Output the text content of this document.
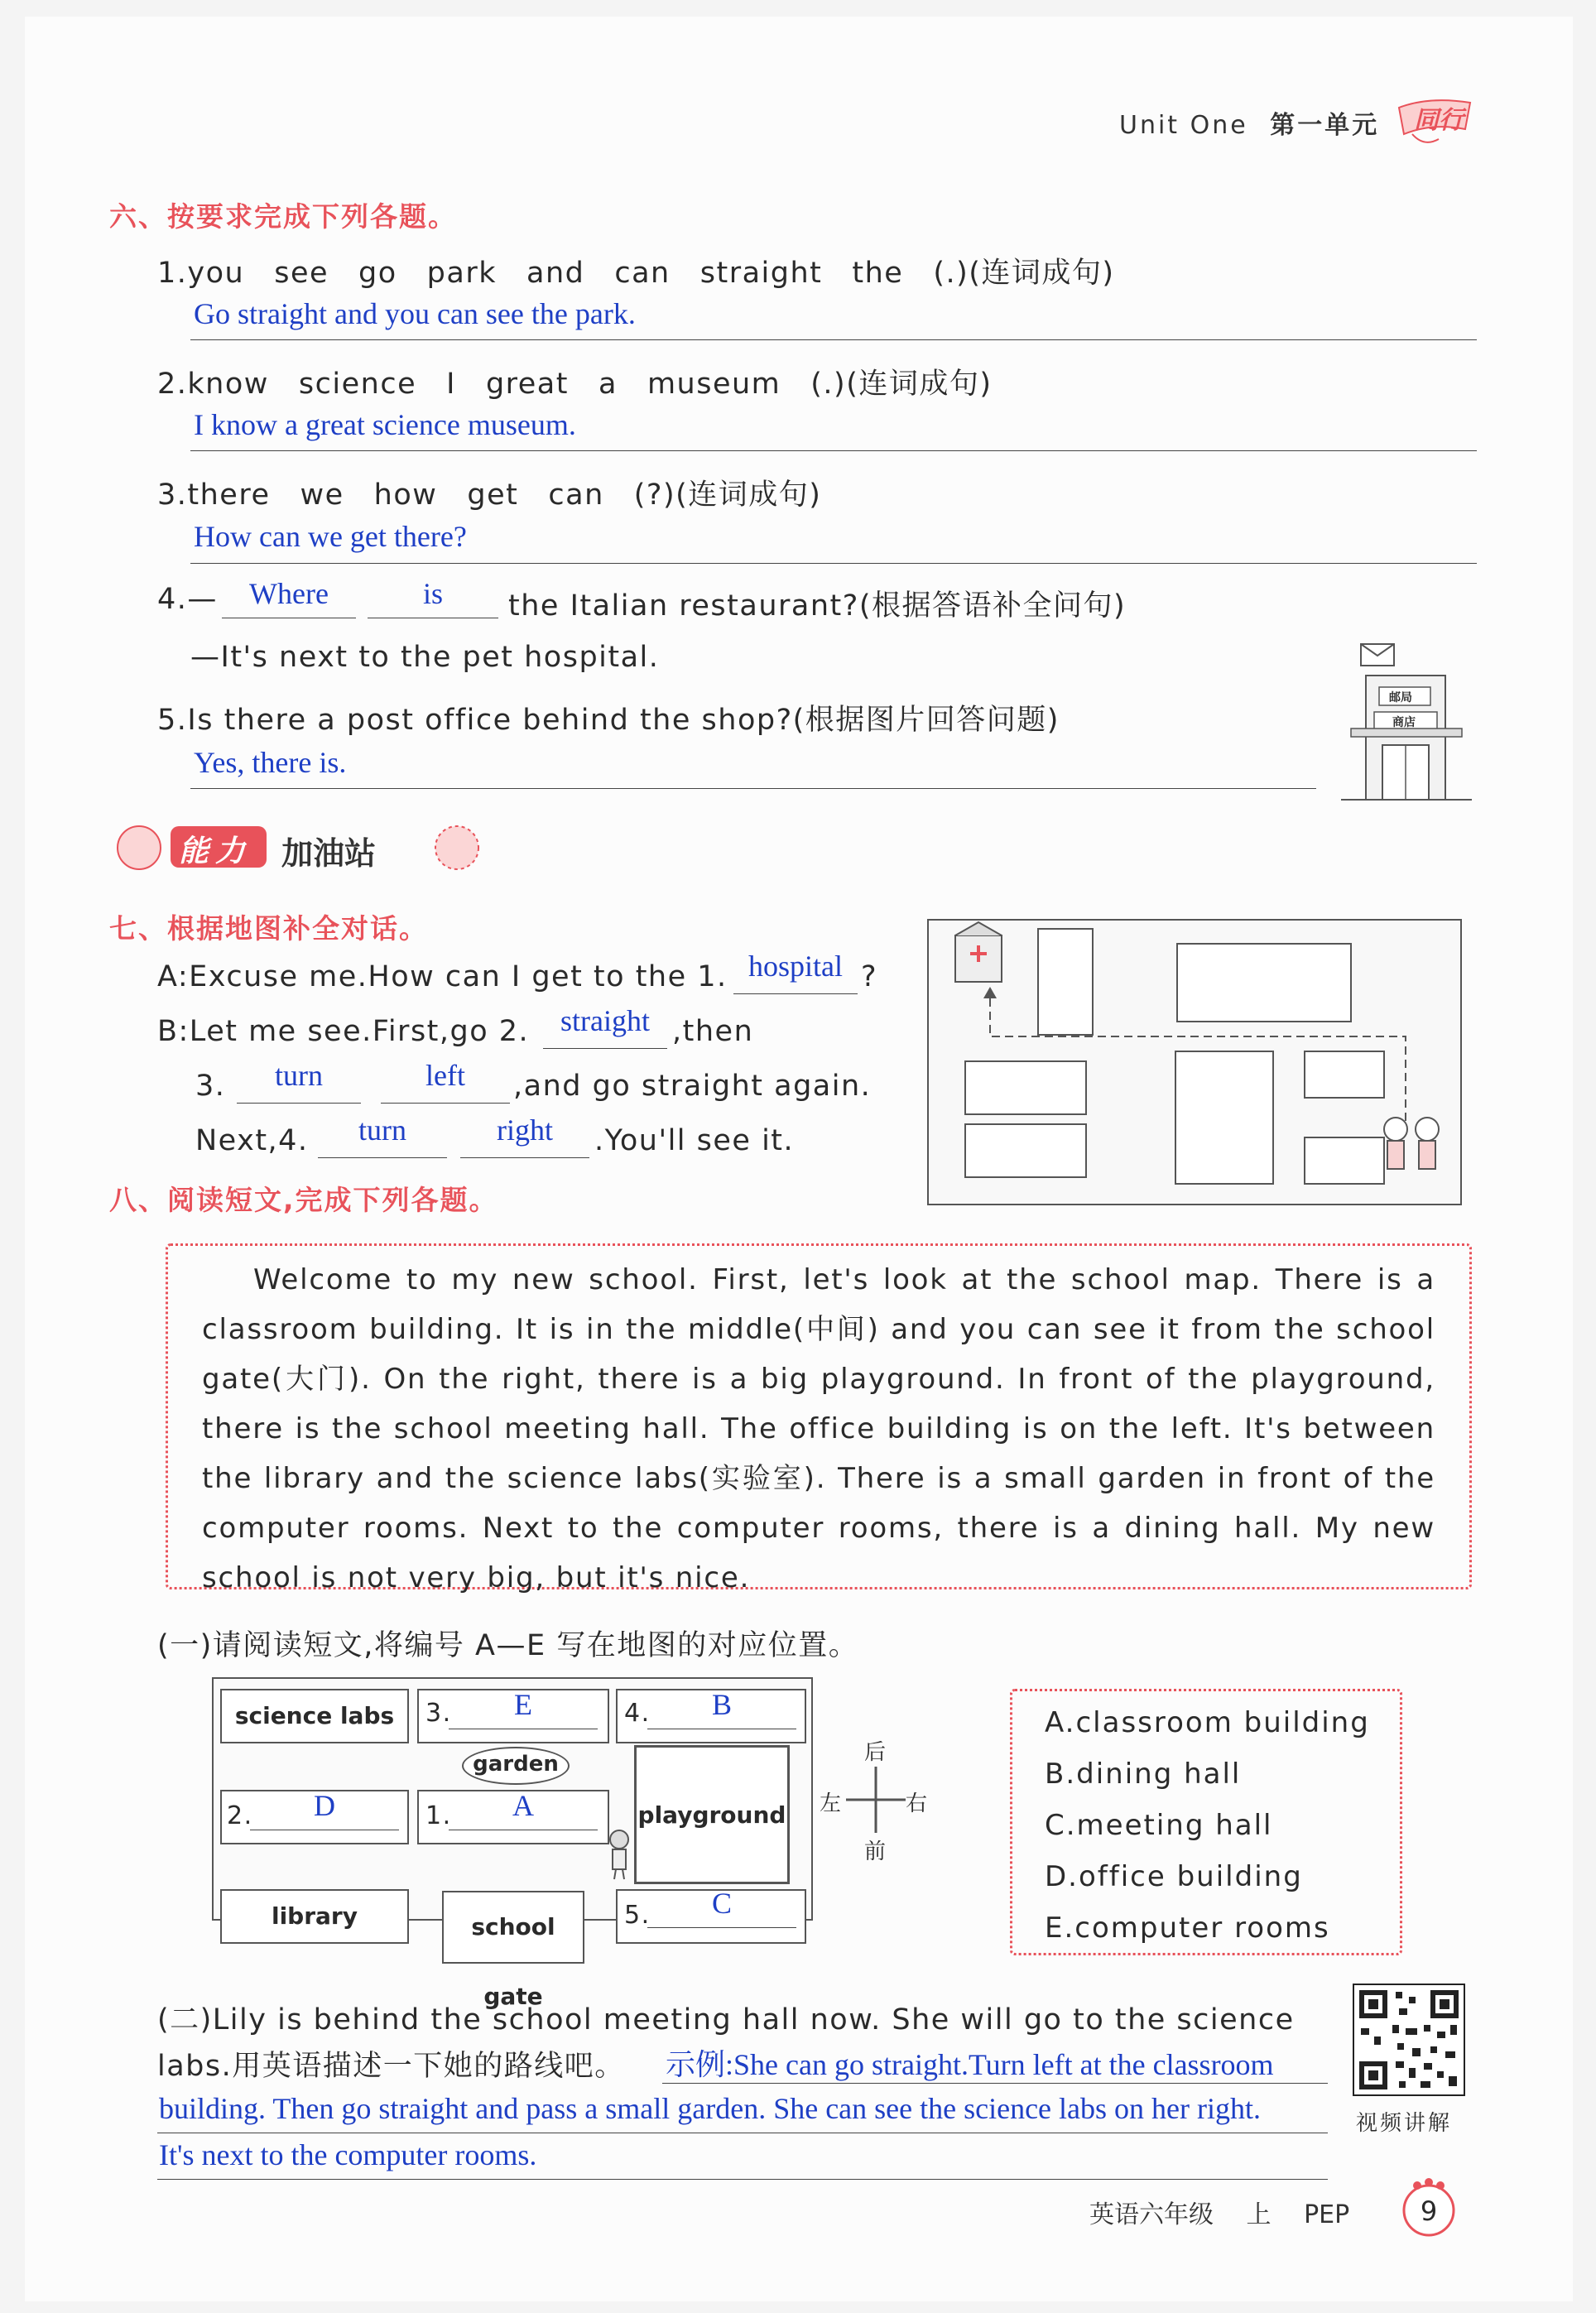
Unit One 第一单元 同行
六、按要求完成下列各题。
1.you see go park and can straight the (.)(连词成句)
Go straight and you can see the park.
2.know science I great a museum (.)(连词成句)
I know a great science museum.
3.there we how get can (?)(连词成句)
How can we get there?
4.—	Where	is	the Italian restaurant?(根据答语补全问句)
—It's next to the pet hospital.
5.Is there a post office behind the shop?(根据图片回答问题)
Yes, there is.
邮局
商店
能力 加油站
七、根据地图补全对话。
A:Excuse me.How can I get to the 1. hospital ?
B:Let me see.First,go 2.	straight ,then
3.	turn	left	,and go straight again.
Next,4.	turn	right	.You'll see it.
八、阅读短文,完成下列各题。

Welcome to my new school. First, let's look at the school map. There is a classroom building. It is in the middle(中间) and you can see it from the school gate(大门). On the right, there is a big playground. In front of the playground, there is the school meeting hall. The office building is on the left. It's between the library and the science labs(实验室). There is a small garden in front of the computer rooms. Next to the computer rooms, there is a dining hall. My new school is not very big, but it's nice.

(一)请阅读短文,将编号 A—E 写在地图的对应位置。
science labs	3.	E	4.	B
garden
2.	D	1.	A	playground
library	school gate
5.	C
后
前
左	右
A.classroom building
B.dining hall
C.meeting hall
D.office building
E.computer rooms
(二)Lily is behind the school meeting hall now. She will go to the science
labs.用英语描述一下她的路线吧。 示例:She can go straight.Turn left at the classroom
building. Then go straight and pass a small garden. She can see the science labs on her right.
It's next to the computer rooms.
视频讲解
英语六年级 上 PEP	9
